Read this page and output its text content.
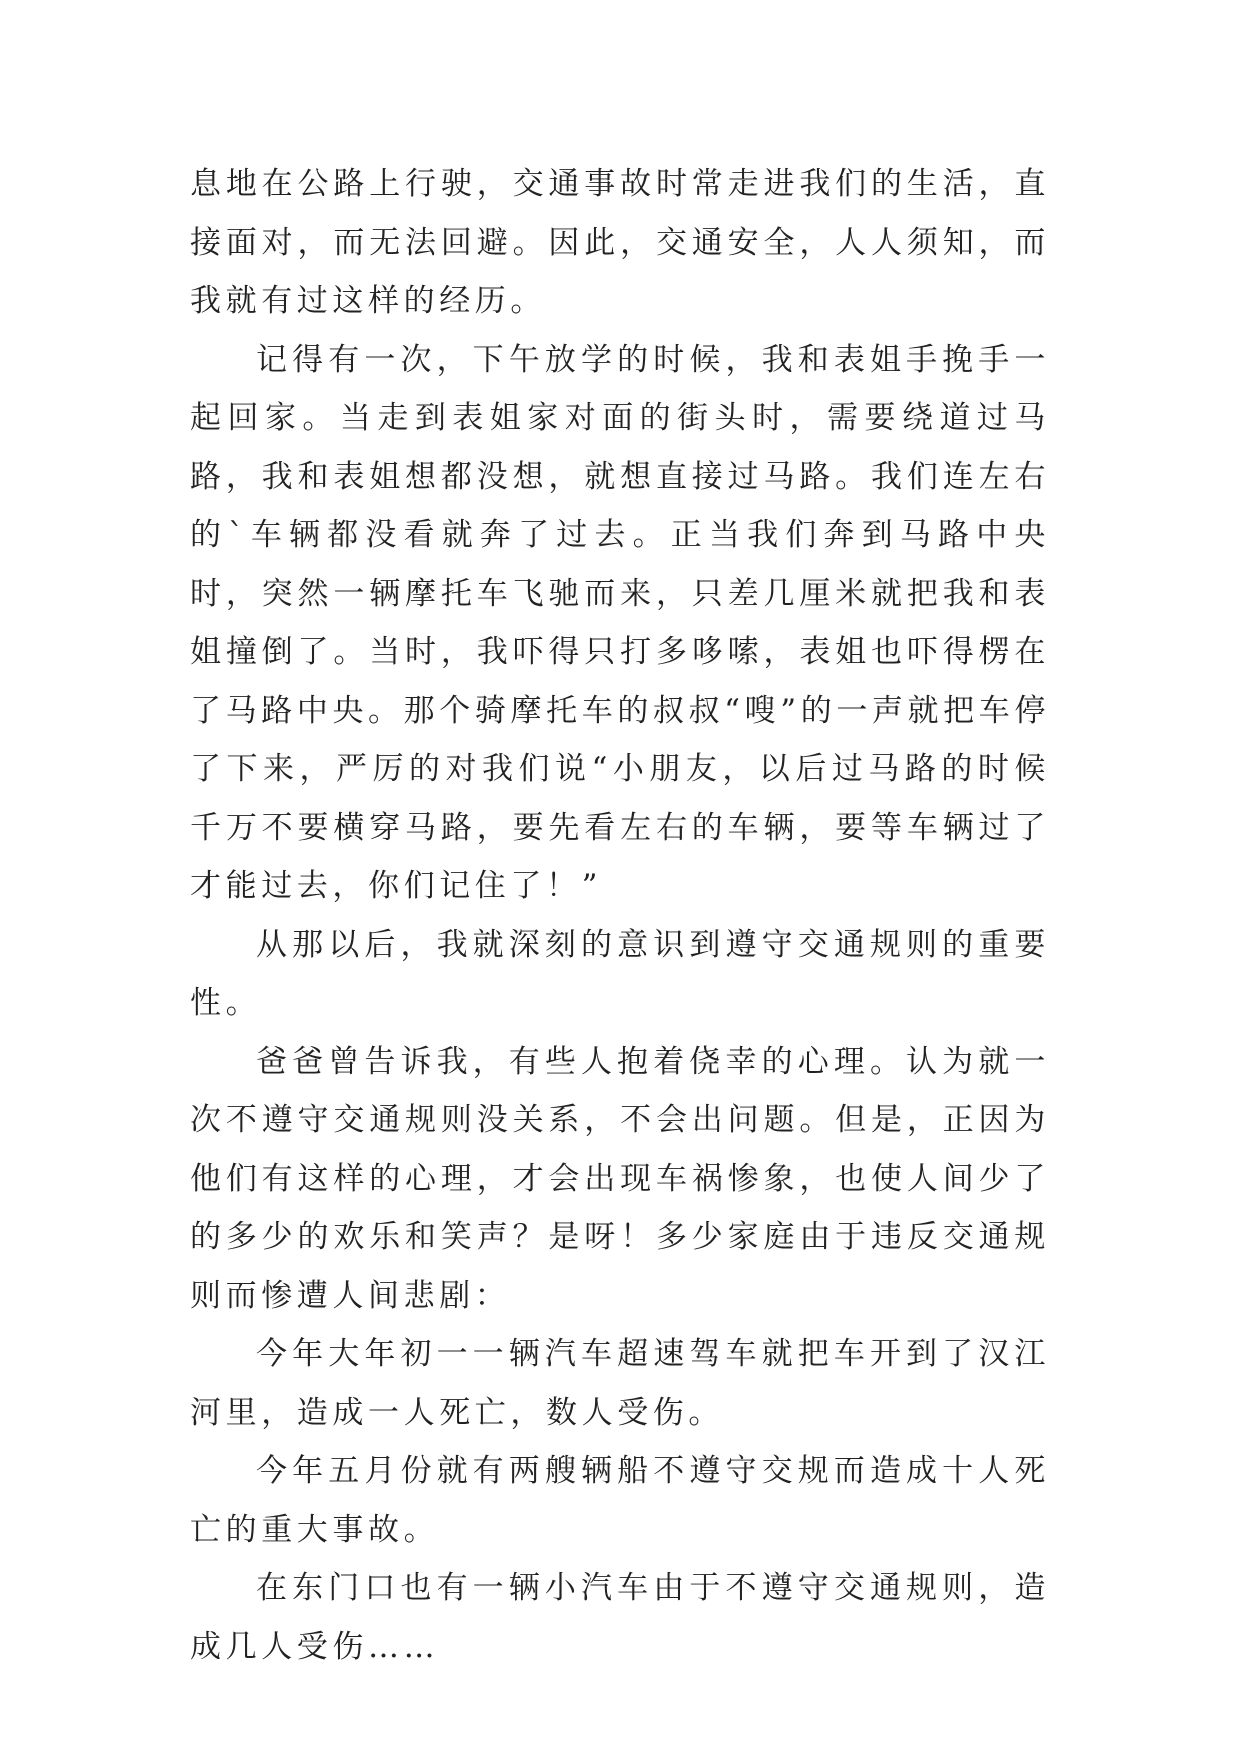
息地在公路上行驶，交通事故时常走进我们的生活，直接面对，而无法回避。因此，交通安全，人人须知，而我就有过这样的经历。

记得有一次，下午放学的时候，我和表姐手挽手一起回家。当走到表姐家对面的街头时，需要绕道过马路，我和表姐想都没想，就想直接过马路。我们连左右的`车辆都没看就奔了过去。正当我们奔到马路中央时，突然一辆摩托车飞驰而来，只差几厘米就把我和表姐撞倒了。当时，我吓得只打多哆嗦，表姐也吓得楞在了马路中央。那个骑摩托车的叔叔“嗖”的一声就把车停了下来，严厉的对我们说“小朋友，以后过马路的时候千万不要横穿马路，要先看左右的车辆，要等车辆过了才能过去，你们记住了！”

从那以后，我就深刻的意识到遵守交通规则的重要性。

爸爸曾告诉我，有些人抱着侥幸的心理。认为就一次不遵守交通规则没关系，不会出问题。但是，正因为他们有这样的心理，才会出现车祸惨象，也使人间少了的多少的欢乐和笑声？是呀！多少家庭由于违反交通规则而惨遭人间悲剧：

今年大年初一一辆汽车超速驾车就把车开到了汉江河里，造成一人死亡，数人受伤。

今年五月份就有两艘辆船不遵守交规而造成十人死亡的重大事故。

在东门口也有一辆小汽车由于不遵守交通规则，造成几人受伤……
